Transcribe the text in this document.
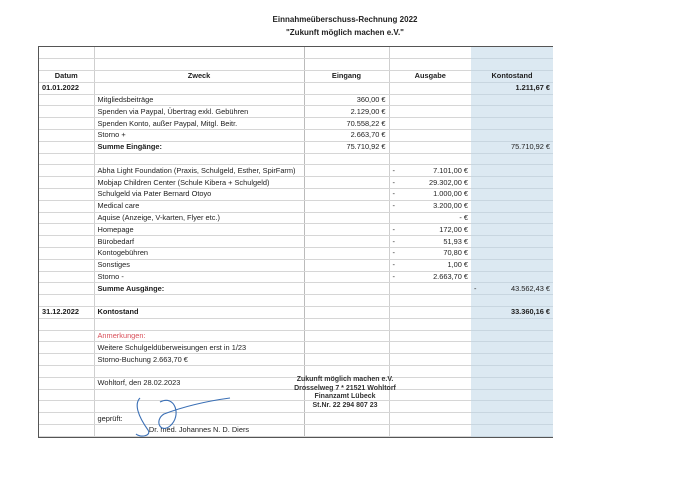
Einnahmeüberschuss-Rechnung 2022
"Zukunft möglich machen e.V."

Datum	Zweck	Eingang	Ausgabe	Kontostand
01.01.2022				1.211,67 €
	Mitgliedsbeiträge	360,00 €		
	Spenden via Paypal, Übertrag exkl. Gebühren	2.129,00 €		
	Spenden Konto, außer Paypal, Mitgl. Beitr.	70.558,22 €		
	Storno +	2.663,70 €		
	Summe Eingänge:	75.710,92 €		75.710,92 €

	Abha Light Foundation (Praxis, Schulgeld, Esther, SpirFarm)		- 7.101,00 €	
	Mobjap Children Center (Schule Kibera + Schulgeld)		- 29.302,00 €	
	Schulgeld via Pater Bernard Otoyo		- 1.000,00 €	
	Medical care		- 3.200,00 €	
	Aquise (Anzeige, V-karten, Flyer etc.)		- €	
	Homepage		- 172,00 €	
	Bürobedarf		- 51,93 €	
	Kontogebühren		- 70,80 €	
	Sonstiges		- 1,00 €	
	Storno -		- 2.663,70 €	
	Summe Ausgänge:			- 43.562,43 €

31.12.2022	Kontostand			33.360,16 €

	Anmerkungen:			
	Weitere Schulgeldüberweisungen erst in 1/23			
	Storno-Buchung 2.663,70 €			

	Wohltorf, den 28.02.2023			

	geprüft:			
	Dr. med. Johannes N. D. Diers			
Zukunft möglich machen e.V.
Drosselweg 7 * 21521 Wohltorf
Finanzamt Lübeck
St.Nr. 22 294 807 23
